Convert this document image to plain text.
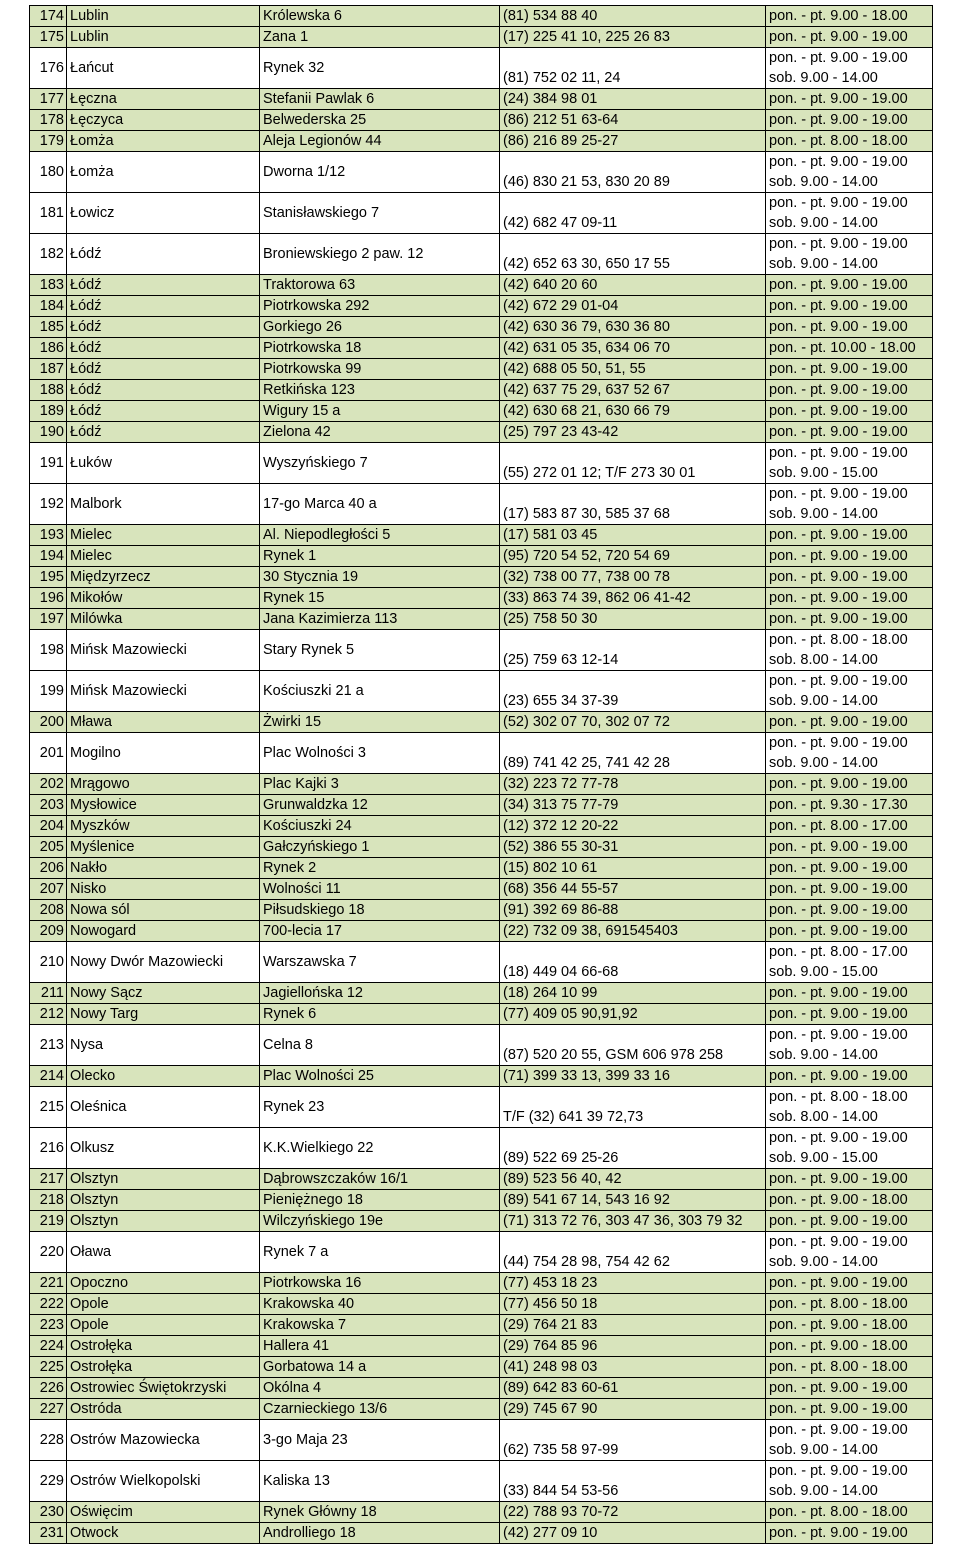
174	Lublin	Królewska 6	(81) 534 88 40	pon. - pt. 9.00 - 18.00

175	Lublin	Zana 1	(17) 225 41 10, 225 26 83	pon. - pt. 9.00 - 19.00

176	Łańcut	Rynek 32	(81) 752 02 11, 24	pon. - pt. 9.00 - 19.00
sob. 9.00 - 14.00

177	Łęczna	Stefanii Pawlak 6	(24) 384 98 01	pon. - pt. 9.00 - 19.00

178	Łęczyca	Belwederska 25	(86) 212 51 63-64	pon. - pt. 9.00 - 19.00

179	Łomża	Aleja Legionów 44	(86) 216 89 25-27	pon. - pt. 8.00 - 18.00

180	Łomża	Dworna 1/12	(46) 830 21 53, 830 20 89	pon. - pt. 9.00 - 19.00
sob. 9.00 - 14.00

181	Łowicz	Stanisławskiego 7	(42) 682 47 09-11	pon. - pt. 9.00 - 19.00
sob. 9.00 - 14.00

182	Łódź	Broniewskiego 2 paw. 12	(42) 652 63 30, 650 17 55	pon. - pt. 9.00 - 19.00
sob. 9.00 - 14.00

183	Łódź	Traktorowa 63	(42) 640 20 60	pon. - pt. 9.00 - 19.00

184	Łódź	Piotrkowska 292	(42) 672 29 01-04	pon. - pt. 9.00 - 19.00

185	Łódź	Gorkiego 26	(42) 630 36 79, 630 36 80	pon. - pt. 9.00 - 19.00

186	Łódź	Piotrkowska 18	(42) 631 05 35, 634 06 70	pon. - pt. 10.00 - 18.00

187	Łódź	Piotrkowska 99	(42) 688 05 50, 51, 55	pon. - pt. 9.00 - 19.00

188	Łódź	Retkińska 123	(42) 637 75 29, 637 52 67	pon. - pt. 9.00 - 19.00

189	Łódź	Wigury 15 a	(42) 630 68 21, 630 66 79	pon. - pt. 9.00 - 19.00

190	Łódź	Zielona 42	(25) 797 23 43-42	pon. - pt. 9.00 - 19.00

191	Łuków	Wyszyńskiego 7	(55) 272 01 12; T/F 273 30 01	pon. - pt. 9.00 - 19.00
sob. 9.00 - 15.00

192	Malbork	17-go Marca 40 a	(17) 583 87 30, 585 37 68	pon. - pt. 9.00 - 19.00
sob. 9.00 - 14.00

193	Mielec	Al. Niepodległości 5	(17) 581 03 45	pon. - pt. 9.00 - 19.00

194	Mielec	Rynek 1	(95) 720 54 52, 720 54 69	pon. - pt. 9.00 - 19.00

195	Międzyrzecz	30 Stycznia 19	(32) 738 00 77, 738 00 78	pon. - pt. 9.00 - 19.00

196	Mikołów	Rynek 15	(33) 863 74 39, 862 06 41-42	pon. - pt. 9.00 - 19.00

197	Milówka	Jana Kazimierza 113	(25) 758 50 30	pon. - pt. 9.00 - 19.00

198	Mińsk Mazowiecki	Stary Rynek 5	(25) 759 63 12-14	pon. - pt. 8.00 - 18.00
sob. 8.00 - 14.00

199	Mińsk Mazowiecki	Kościuszki 21 a	(23) 655 34 37-39	pon. - pt. 9.00 - 19.00
sob. 9.00 - 14.00

200	Mława	Żwirki 15	(52) 302 07 70, 302 07 72	pon. - pt. 9.00 - 19.00

201	Mogilno	Plac Wolności 3	(89) 741 42 25, 741 42 28	pon. - pt. 9.00 - 19.00
sob. 9.00 - 14.00

202	Mrągowo	Plac Kajki 3	(32) 223 72 77-78	pon. - pt. 9.00 - 19.00

203	Mysłowice	Grunwaldzka 12	(34) 313 75 77-79	pon. - pt. 9.30 - 17.30

204	Myszków	Kościuszki 24	(12) 372 12 20-22	pon. - pt. 8.00 - 17.00

205	Myślenice	Gałczyńskiego 1	(52) 386 55 30-31	pon. - pt. 9.00 - 19.00

206	Nakło	Rynek 2	(15) 802 10 61	pon. - pt. 9.00 - 19.00

207	Nisko	Wolności 11	(68) 356 44 55-57	pon. - pt. 9.00 - 19.00

208	Nowa sól	Piłsudskiego 18	(91) 392 69 86-88	pon. - pt. 9.00 - 19.00

209	Nowogard	700-lecia 17	(22) 732 09 38, 691545403	pon. - pt. 9.00 - 19.00

210	Nowy Dwór Mazowiecki	Warszawska 7	(18) 449 04 66-68	pon. - pt. 8.00 - 17.00
sob. 9.00 - 15.00

211	Nowy Sącz	Jagiellońska 12	(18) 264 10 99	pon. - pt. 9.00 - 19.00

212	Nowy Targ	Rynek 6	(77) 409 05 90,91,92	pon. - pt. 9.00 - 19.00

213	Nysa	Celna 8	(87) 520 20 55, GSM 606 978 258	pon. - pt. 9.00 - 19.00
sob. 9.00 - 14.00

214	Olecko	Plac Wolności 25	(71) 399 33 13, 399 33 16	pon. - pt. 9.00 - 19.00

215	Oleśnica	Rynek 23	T/F (32) 641 39 72,73	pon. - pt. 8.00 - 18.00
sob. 8.00 - 14.00

216	Olkusz	K.K.Wielkiego 22	(89) 522 69 25-26	pon. - pt. 9.00 - 19.00
sob. 9.00 - 15.00

217	Olsztyn	Dąbrowszczaków 16/1	(89) 523 56 40, 42	pon. - pt. 9.00 - 19.00

218	Olsztyn	Pieniężnego 18	(89) 541 67 14, 543 16 92	pon. - pt. 9.00 - 18.00

219	Olsztyn	Wilczyńskiego 19e	(71) 313 72 76, 303 47 36, 303 79 32	pon. - pt. 9.00 - 19.00

220	Oława	Rynek 7 a	(44) 754 28 98, 754 42 62	pon. - pt. 9.00 - 19.00
sob. 9.00 - 14.00

221	Opoczno	Piotrkowska 16	(77) 453 18 23	pon. - pt. 9.00 - 19.00

222	Opole	Krakowska 40	(77) 456 50 18	pon. - pt. 8.00 - 18.00

223	Opole	Krakowska 7	(29) 764 21 83	pon. - pt. 9.00 - 18.00

224	Ostrołęka	Hallera 41	(29) 764 85 96	pon. - pt. 9.00 - 18.00

225	Ostrołęka	Gorbatowa 14 a	(41) 248 98 03	pon. - pt. 8.00 - 18.00

226	Ostrowiec Świętokrzyski	Okólna 4	(89) 642 83 60-61	pon. - pt. 9.00 - 19.00

227	Ostróda	Czarnieckiego 13/6	(29) 745 67 90	pon. - pt. 9.00 - 19.00

228	Ostrów Mazowiecka	3-go Maja 23	(62) 735 58 97-99	pon. - pt. 9.00 - 19.00
sob. 9.00 - 14.00

229	Ostrów Wielkopolski	Kaliska 13	(33) 844 54 53-56	pon. - pt. 9.00 - 19.00
sob. 9.00 - 14.00

230	Oświęcim	Rynek Główny 18	(22) 788 93 70-72	pon. - pt. 8.00 - 18.00

231	Otwock	Androlliego 18	(42) 277 09 10	pon. - pt. 9.00 - 19.00
